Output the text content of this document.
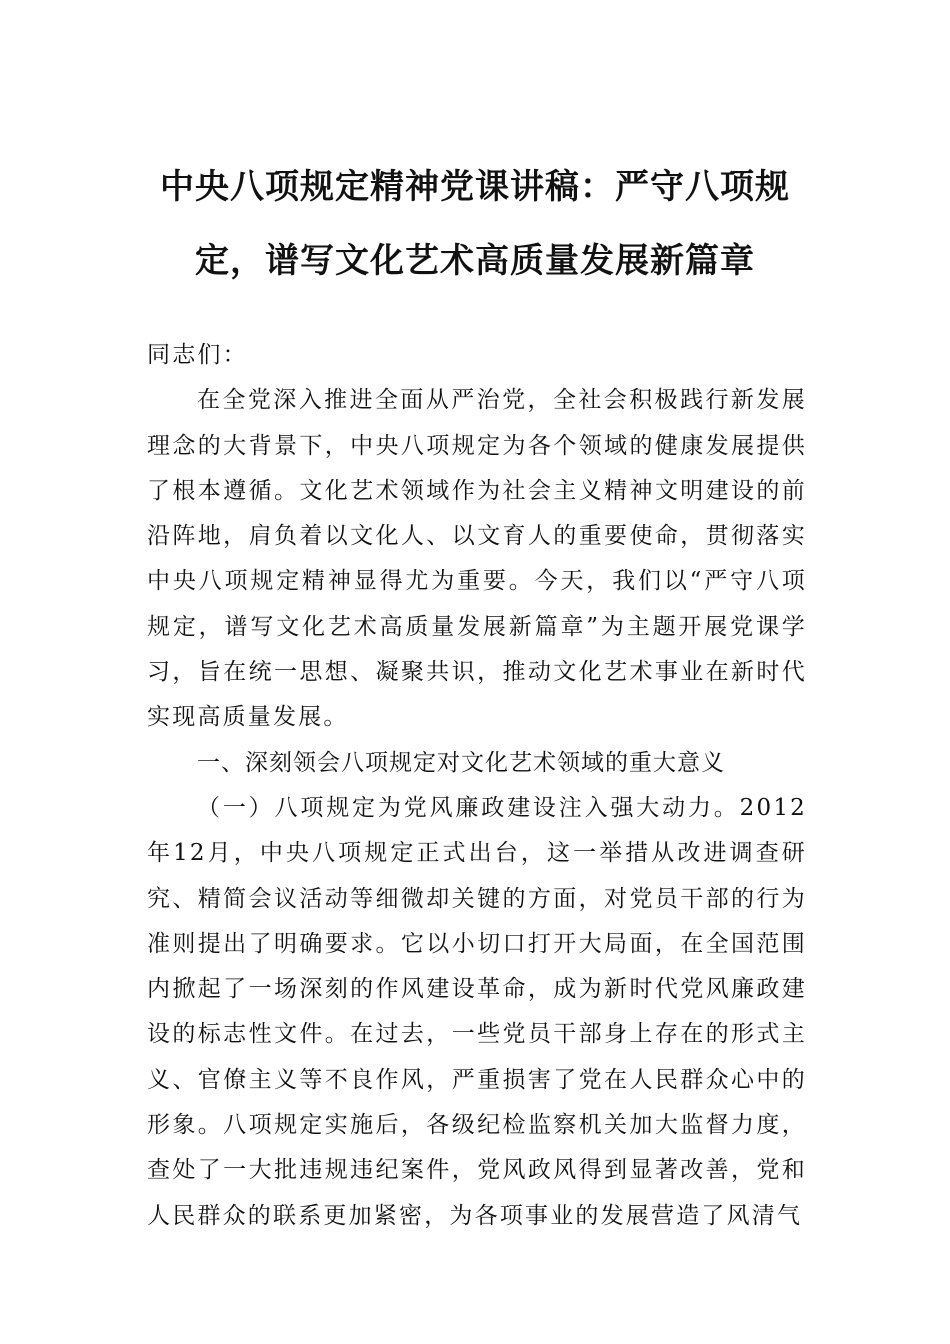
中央八项规定精神党课讲稿：严守八项规
定，谱写文化艺术高质量发展新篇章

同志们：

在全党深入推进全面从严治党，全社会积极践行新发展理念的大背景下，中央八项规定为各个领域的健康发展提供了根本遵循。文化艺术领域作为社会主义精神文明建设的前沿阵地，肩负着以文化人、以文育人的重要使命，贯彻落实中央八项规定精神显得尤为重要。今天，我们以“严守八项规定，谱写文化艺术高质量发展新篇章”为主题开展党课学习，旨在统一思想、凝聚共识，推动文化艺术事业在新时代实现高质量发展。

一、深刻领会八项规定对文化艺术领域的重大意义

（一）八项规定为党风廉政建设注入强大动力。2012年12月，中央八项规定正式出台，这一举措从改进调查研究、精简会议活动等细微却关键的方面，对党员干部的行为准则提出了明确要求。它以小切口打开大局面，在全国范围内掀起了一场深刻的作风建设革命，成为新时代党风廉政建设的标志性文件。在过去，一些党员干部身上存在的形式主义、官僚主义等不良作风，严重损害了党在人民群众心中的形象。八项规定实施后，各级纪检监察机关加大监督力度，查处了一大批违规违纪案件，党风政风得到显著改善，党和人民群众的联系更加紧密，为各项事业的发展营造了风清气
